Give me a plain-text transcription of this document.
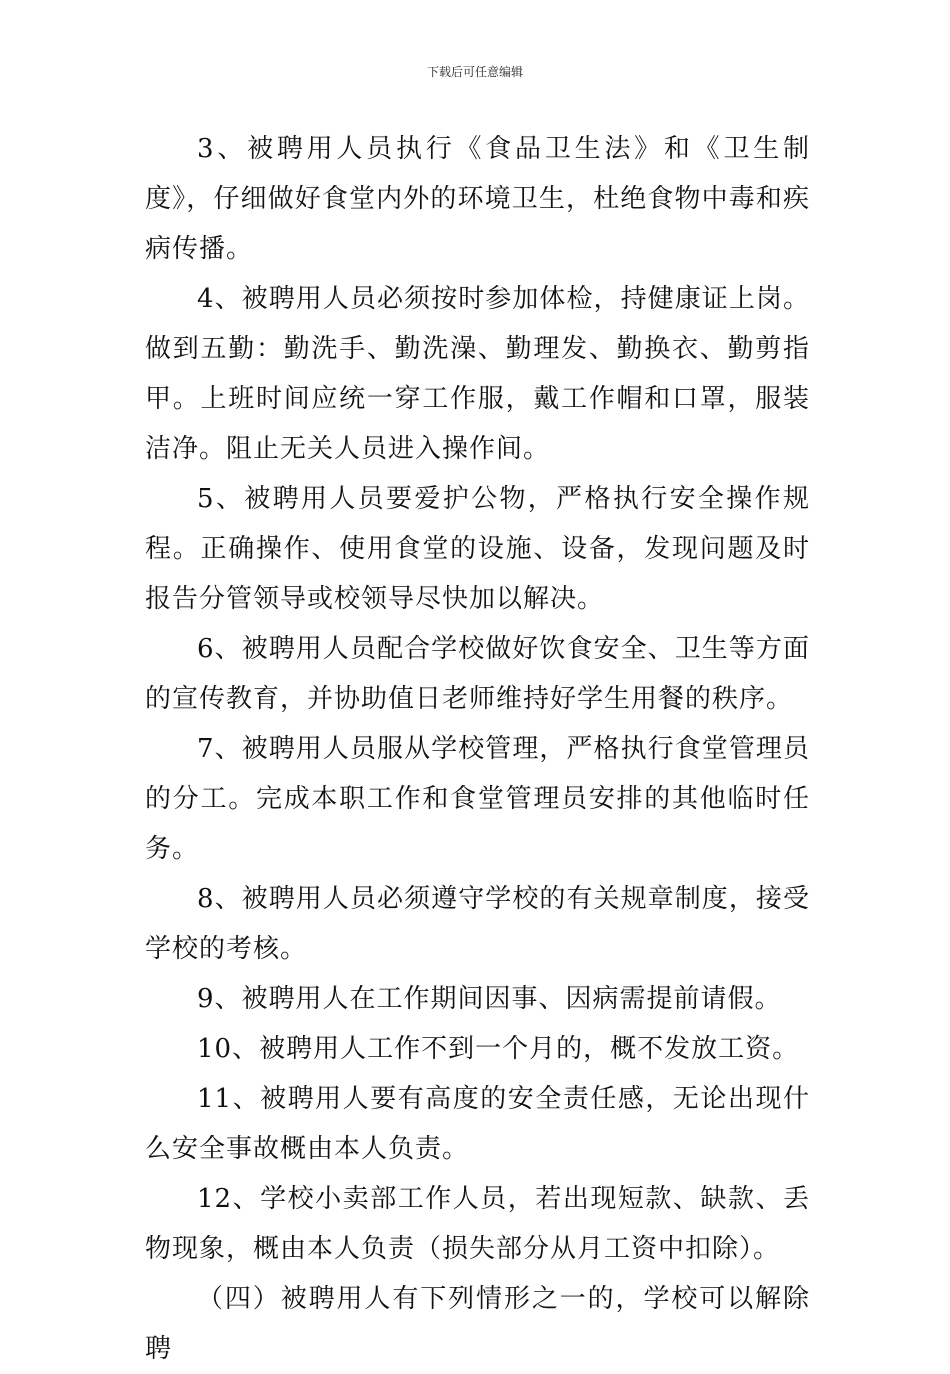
下载后可任意编辑

3、被聘用人员执行《食品卫生法》和《卫生制度》，仔细做好食堂内外的环境卫生，杜绝食物中毒和疾病传播。

4、被聘用人员必须按时参加体检，持健康证上岗。做到五勤：勤洗手、勤洗澡、勤理发、勤换衣、勤剪指甲。上班时间应统一穿工作服，戴工作帽和口罩，服装洁净。阻止无关人员进入操作间。

5、被聘用人员要爱护公物，严格执行安全操作规程。正确操作、使用食堂的设施、设备，发现问题及时报告分管领导或校领导尽快加以解决。

6、被聘用人员配合学校做好饮食安全、卫生等方面的宣传教育，并协助值日老师维持好学生用餐的秩序。

7、被聘用人员服从学校管理，严格执行食堂管理员的分工。完成本职工作和食堂管理员安排的其他临时任务。

8、被聘用人员必须遵守学校的有关规章制度，接受学校的考核。

9、被聘用人在工作期间因事、因病需提前请假。

10、被聘用人工作不到一个月的，概不发放工资。

11、被聘用人要有高度的安全责任感，无论出现什么安全事故概由本人负责。

12、学校小卖部工作人员，若出现短款、缺款、丢物现象，概由本人负责（损失部分从月工资中扣除）。

（四）被聘用人有下列情形之一的，学校可以解除聘
